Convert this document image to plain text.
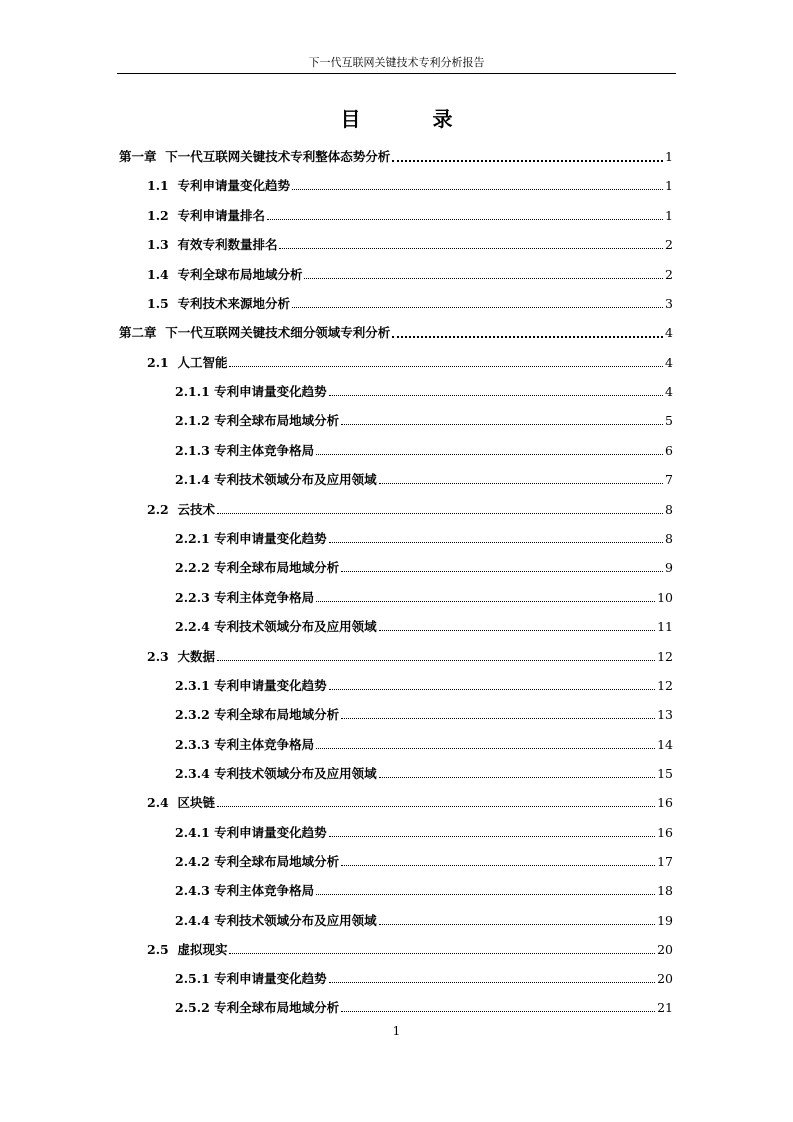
下一代互联网关键技术专利分析报告
目　录
第一章 下一代互联网关键技术专利整体态势分析	1
1.1 专利申请量变化趋势	1
1.2 专利申请量排名	1
1.3 有效专利数量排名	2
1.4 专利全球布局地域分析	2
1.5 专利技术来源地分析	3
第二章 下一代互联网关键技术细分领域专利分析	4
2.1 人工智能	4
2.1.1 专利申请量变化趋势	4
2.1.2 专利全球布局地域分析	5
2.1.3 专利主体竞争格局	6
2.1.4 专利技术领域分布及应用领域	7
2.2 云技术	8
2.2.1 专利申请量变化趋势	8
2.2.2 专利全球布局地域分析	9
2.2.3 专利主体竞争格局	10
2.2.4 专利技术领域分布及应用领域	11
2.3 大数据	12
2.3.1 专利申请量变化趋势	12
2.3.2 专利全球布局地域分析	13
2.3.3 专利主体竞争格局	14
2.3.4 专利技术领域分布及应用领域	15
2.4 区块链	16
2.4.1 专利申请量变化趋势	16
2.4.2 专利全球布局地域分析	17
2.4.3 专利主体竞争格局	18
2.4.4 专利技术领域分布及应用领域	19
2.5 虚拟现实	20
2.5.1 专利申请量变化趋势	20
2.5.2 专利全球布局地域分析	21
1
